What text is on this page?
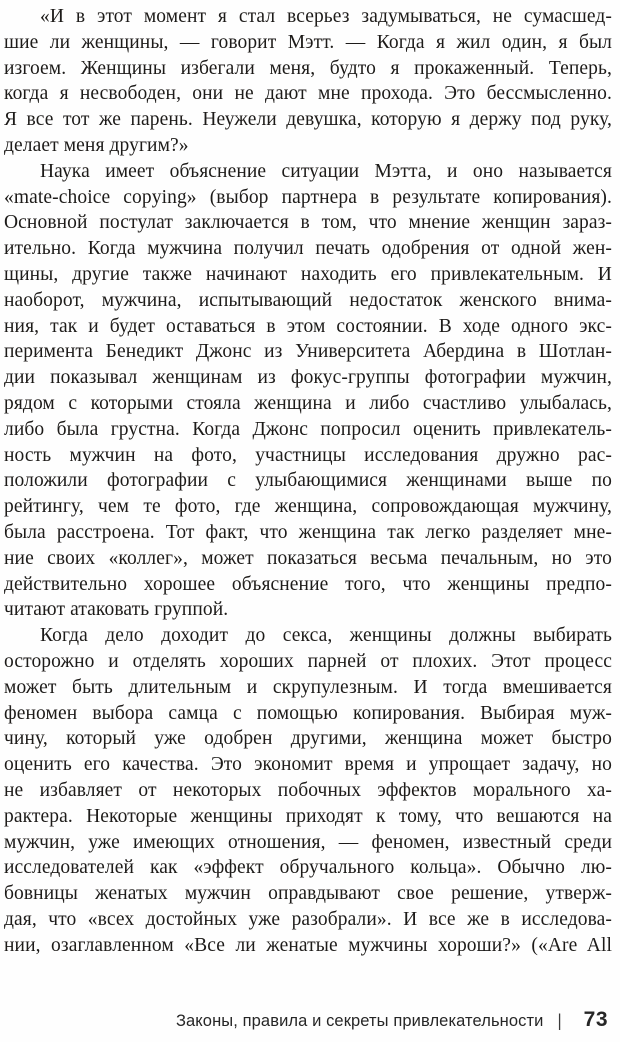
«И в этот момент я стал всерьез задумываться, не сумасшед-
шие ли женщины, — говорит Мэтт. — Когда я жил один, я был
изгоем. Женщины избегали меня, будто я прокаженный. Теперь,
когда я несвободен, они не дают мне прохода. Это бессмысленно.
Я все тот же парень. Неужели девушка, которую я держу под руку,
делает меня другим?»
Наука имеет объяснение ситуации Мэтта, и оно называется
«mate-choice copying» (выбор партнера в результате копирования).
Основной постулат заключается в том, что мнение женщин зараз-
ительно. Когда мужчина получил печать одобрения от одной жен-
щины, другие также начинают находить его привлекательным. И
наоборот, мужчина, испытывающий недостаток женского внима-
ния, так и будет оставаться в этом состоянии. В ходе одного экс-
перимента Бенедикт Джонс из Университета Абердина в Шотлан-
дии показывал женщинам из фокус-группы фотографии мужчин,
рядом с которыми стояла женщина и либо счастливо улыбалась,
либо была грустна. Когда Джонс попросил оценить привлекатель-
ность мужчин на фото, участницы исследования дружно рас-
положили фотографии с улыбающимися женщинами выше по
рейтингу, чем те фото, где женщина, сопровождающая мужчину,
была расстроена. Тот факт, что женщина так легко разделяет мне-
ние своих «коллег», может показаться весьма печальным, но это
действительно хорошее объяснение того, что женщины предпо-
читают атаковать группой.
Когда дело доходит до секса, женщины должны выбирать
осторожно и отделять хороших парней от плохих. Этот процесс
может быть длительным и скрупулезным. И тогда вмешивается
феномен выбора самца с помощью копирования. Выбирая муж-
чину, который уже одобрен другими, женщина может быстро
оценить его качества. Это экономит время и упрощает задачу, но
не избавляет от некоторых побочных эффектов морального ха-
рактера. Некоторые женщины приходят к тому, что вешаются на
мужчин, уже имеющих отношения, — феномен, известный среди
исследователей как «эффект обручального кольца». Обычно лю-
бовницы женатых мужчин оправдывают свое решение, утверж-
дая, что «всех достойных уже разобрали». И все же в исследова-
нии, озаглавленном «Все ли женатые мужчины хороши?» («Are All
Законы, правила и секреты привлекательности | 73
